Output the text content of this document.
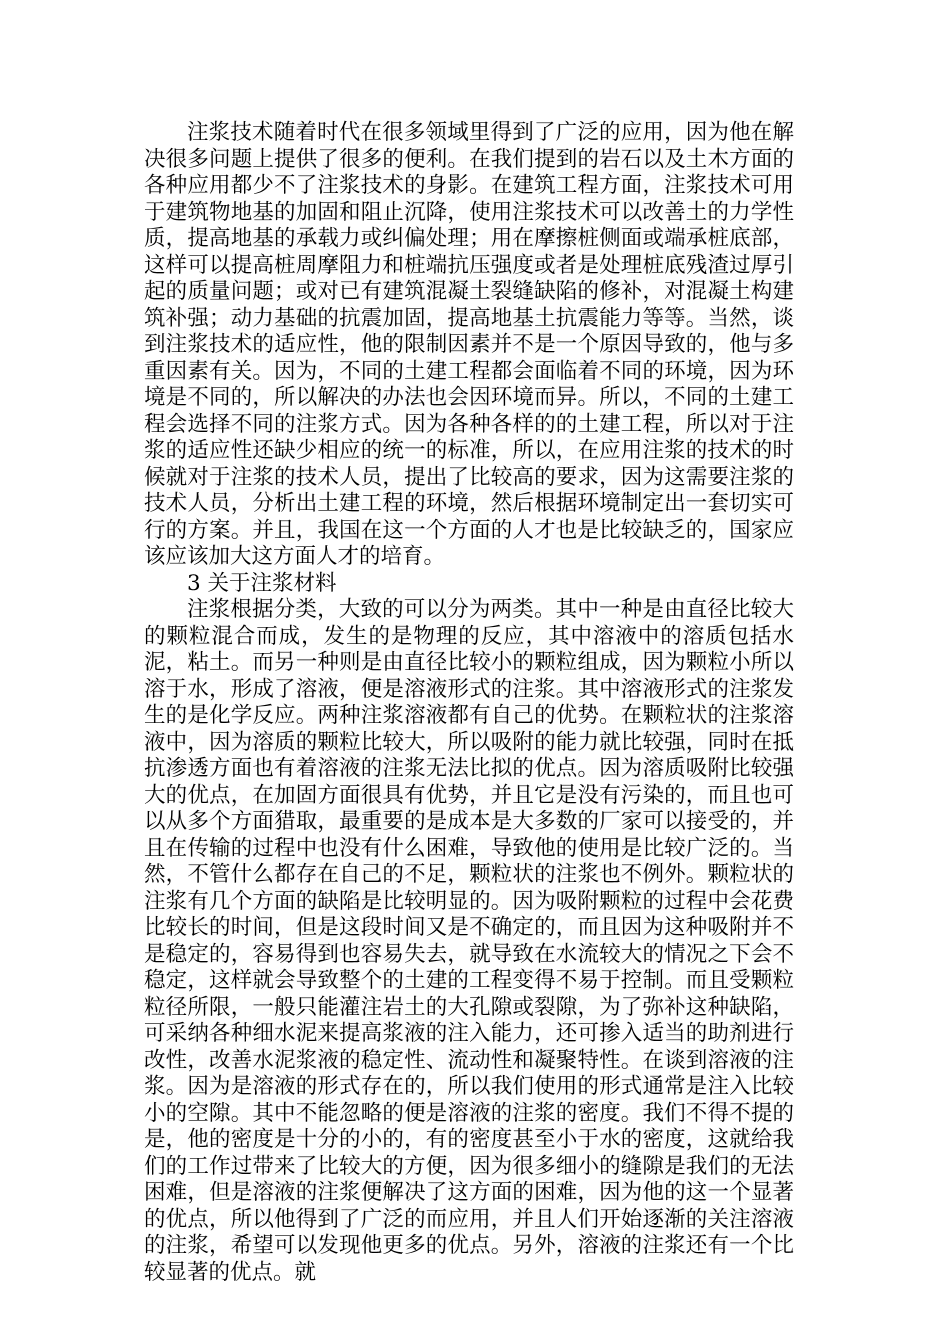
注浆技术随着时代在很多领域里得到了广泛的应用，因为他在解决很多问题上提供了很多的便利。在我们提到的岩石以及土木方面的各种应用都少不了注浆技术的身影。在建筑工程方面，注浆技术可用于建筑物地基的加固和阻止沉降，使用注浆技术可以改善土的力学性质，提高地基的承载力或纠偏处理；用在摩擦桩侧面或端承桩底部，这样可以提高桩周摩阻力和桩端抗压强度或者是处理桩底残渣过厚引起的质量问题；或对已有建筑混凝土裂缝缺陷的修补，对混凝土构建筑补强；动力基础的抗震加固，提高地基土抗震能力等等。当然，谈到注浆技术的适应性，他的限制因素并不是一个原因导致的，他与多重因素有关。因为，不同的土建工程都会面临着不同的环境，因为环境是不同的，所以解决的办法也会因环境而异。所以，不同的土建工程会选择不同的注浆方式。因为各种各样的的土建工程，所以对于注浆的适应性还缺少相应的统一的标准，所以，在应用注浆的技术的时候就对于注浆的技术人员，提出了比较高的要求，因为这需要注浆的技术人员，分析出土建工程的环境，然后根据环境制定出一套切实可行的方案。并且，我国在这一个方面的人才也是比较缺乏的，国家应该应该加大这方面人才的培育。

3 关于注浆材料

注浆根据分类，大致的可以分为两类。其中一种是由直径比较大的颗粒混合而成，发生的是物理的反应，其中溶液中的溶质包括水泥，粘土。而另一种则是由直径比较小的颗粒组成，因为颗粒小所以溶于水，形成了溶液，便是溶液形式的注浆。其中溶液形式的注浆发生的是化学反应。两种注浆溶液都有自己的优势。在颗粒状的注浆溶液中，因为溶质的颗粒比较大，所以吸附的能力就比较强，同时在抵抗渗透方面也有着溶液的注浆无法比拟的优点。因为溶质吸附比较强大的优点，在加固方面很具有优势，并且它是没有污染的，而且也可以从多个方面猎取，最重要的是成本是大多数的厂家可以接受的，并且在传输的过程中也没有什么困难，导致他的使用是比较广泛的。当然，不管什么都存在自己的不足，颗粒状的注浆也不例外。颗粒状的注浆有几个方面的缺陷是比较明显的。因为吸附颗粒的过程中会花费比较长的时间，但是这段时间又是不确定的，而且因为这种吸附并不是稳定的，容易得到也容易失去，就导致在水流较大的情况之下会不稳定，这样就会导致整个的土建的工程变得不易于控制。而且受颗粒粒径所限，一般只能灌注岩土的大孔隙或裂隙，为了弥补这种缺陷，可采纳各种细水泥来提高浆液的注入能力，还可掺入适当的助剂进行改性，改善水泥浆液的稳定性、流动性和凝聚特性。在谈到溶液的注浆。因为是溶液的形式存在的，所以我们使用的形式通常是注入比较小的空隙。其中不能忽略的便是溶液的注浆的密度。我们不得不提的是，他的密度是十分的小的，有的密度甚至小于水的密度，这就给我们的工作过带来了比较大的方便，因为很多细小的缝隙是我们的无法困难，但是溶液的注浆便解决了这方面的困难，因为他的这一个显著的优点，所以他得到了广泛的而应用，并且人们开始逐渐的关注溶液的注浆，希望可以发现他更多的优点。另外，溶液的注浆还有一个比较显著的优点。就
